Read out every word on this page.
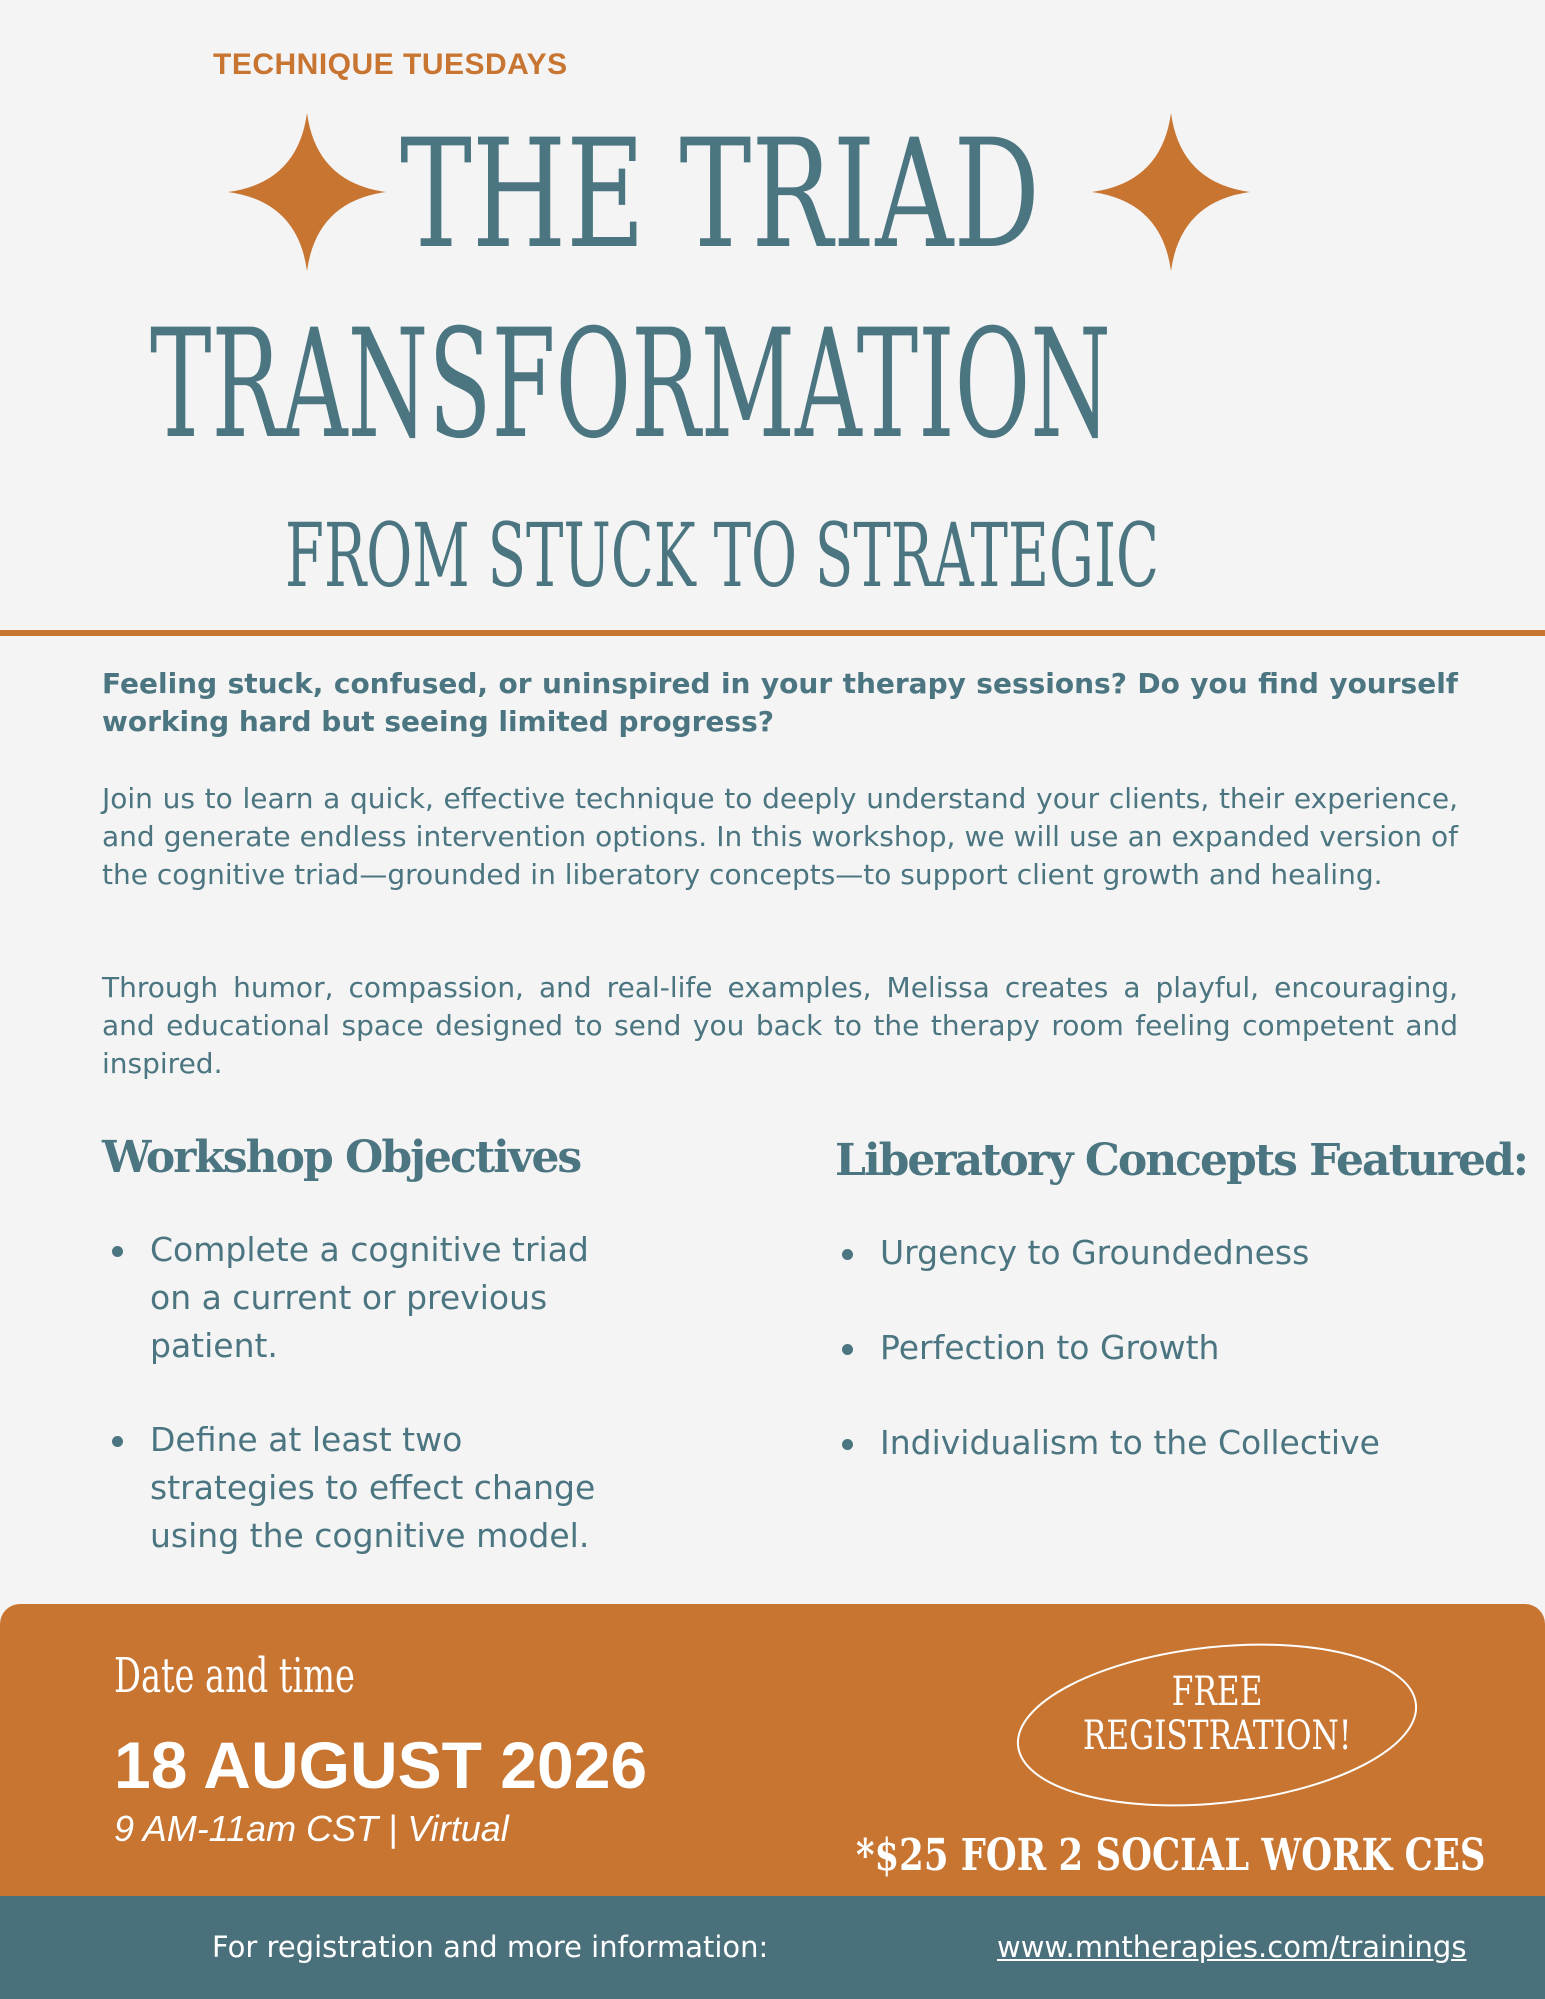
TECHNIQUE TUESDAYS
THE TRIAD
TRANSFORMATION
FROM STUCK TO STRATEGIC
Feeling stuck, confused, or uninspired in your therapy sessions? Do you find yourself working hard but seeing limited progress?
Join us to learn a quick, effective technique to deeply understand your clients, their experience, and generate endless intervention options. In this workshop, we will use an expanded version of the cognitive triad—grounded in liberatory concepts—to support client growth and healing.
Through humor, compassion, and real-life examples, Melissa creates a playful, encouraging, and educational space designed to send you back to the therapy room feeling competent and inspired.
Workshop Objectives
Complete a cognitive triad on a current or previous patient.
Define at least two strategies to effect change using the cognitive model.
Liberatory Concepts Featured:
Urgency to Groundedness
Perfection to Growth
Individualism to the Collective
Date and time
18 AUGUST 2026
9 AM-11am CST | Virtual
FREE
REGISTRATION!
*$25 FOR 2 SOCIAL WORK CES
For registration and more information:	www.mntherapies.com/trainings
